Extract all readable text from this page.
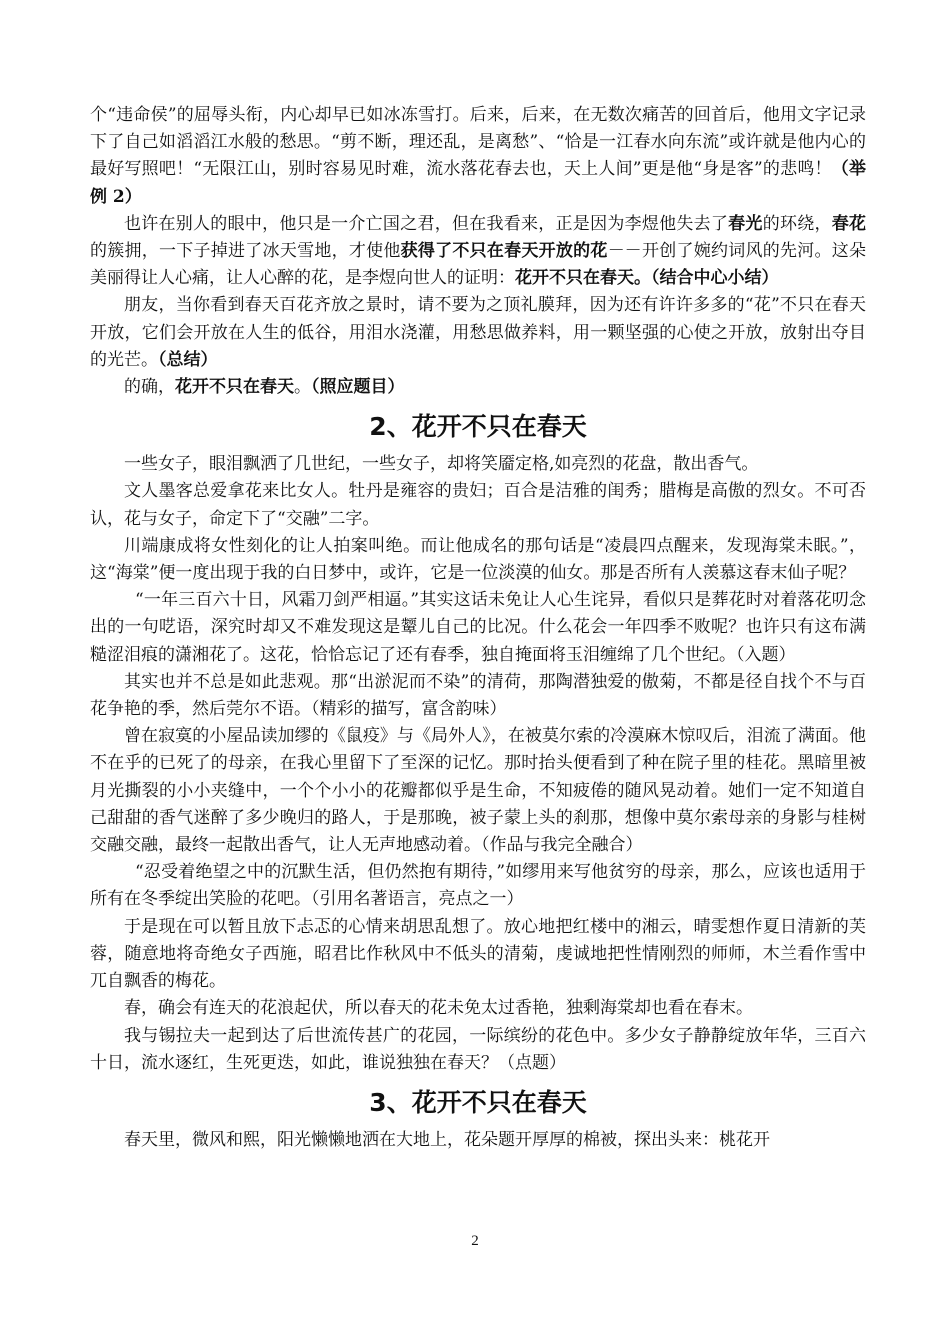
个“违命侯”的屈辱头衔，内心却早已如冰冻雪打。后来，后来，在无数次痛苦的回首后，他用文字记录下了自己如滔滔江水般的愁思。“剪不断，理还乱，是离愁”、“恰是一江春水向东流”或许就是他内心的最好写照吧！“无限江山，别时容易见时难，流水落花春去也，天上人间”更是他“身是客”的悲鸣！（举例 2）

也许在别人的眼中，他只是一介亡国之君，但在我看来，正是因为李煜他失去了春光的环绕，春花的簇拥，一下子掉进了冰天雪地，才使他获得了不只在春天开放的花－－开创了婉约词风的先河。这朵美丽得让人心痛，让人心醉的花，是李煜向世人的证明：花开不只在春天。（结合中心小结）

朋友，当你看到春天百花齐放之景时，请不要为之顶礼膜拜，因为还有许许多多的“花”不只在春天开放，它们会开放在人生的低谷，用泪水浇灌，用愁思做养料，用一颗坚强的心使之开放，放射出夺目的光芒。（总结）

的确，花开不只在春天。（照应题目）

2、花开不只在春天

一些女子，眼泪飘洒了几世纪，一些女子，却将笑靥定格,如亮烈的花盘，散出香气。

文人墨客总爱拿花来比女人。牡丹是雍容的贵妇；百合是洁雅的闺秀；腊梅是高傲的烈女。不可否认，花与女子，命定下了“交融”二字。

川端康成将女性刻化的让人拍案叫绝。而让他成名的那句话是“凌晨四点醒来，发现海棠未眠。”，这“海棠”便一度出现于我的白日梦中，或许，它是一位淡漠的仙女。那是否所有人羡慕这春末仙子呢？

“一年三百六十日，风霜刀剑严相逼。”其实这话未免让人心生诧异，看似只是葬花时对着落花叨念出的一句呓语，深究时却又不难发现这是颦儿自己的比况。什么花会一年四季不败呢？也许只有这布满糙涩泪痕的潇湘花了。这花，恰恰忘记了还有春季，独自掩面将玉泪缠绵了几个世纪。（入题）

其实也并不总是如此悲观。那“出淤泥而不染”的清荷，那陶潜独爱的傲菊，不都是径自找个不与百花争艳的季，然后莞尔不语。（精彩的描写，富含韵味）

曾在寂寞的小屋品读加缪的《鼠疫》与《局外人》，在被莫尔索的冷漠麻木惊叹后，泪流了满面。他不在乎的已死了的母亲，在我心里留下了至深的记忆。那时抬头便看到了种在院子里的桂花。黑暗里被月光撕裂的小小夹缝中，一个个小小的花瓣都似乎是生命，不知疲倦的随风晃动着。她们一定不知道自己甜甜的香气迷醉了多少晚归的路人，于是那晚，被子蒙上头的刹那，想像中莫尔索母亲的身影与桂树交融交融，最终一起散出香气，让人无声地感动着。（作品与我完全融合）

“忍受着绝望之中的沉默生活，但仍然抱有期待，”如缪用来写他贫穷的母亲，那么，应该也适用于所有在冬季绽出笑脸的花吧。（引用名著语言，亮点之一）

于是现在可以暂且放下忐忑的心情来胡思乱想了。放心地把红楼中的湘云，晴雯想作夏日清新的芙蓉，随意地将奇绝女子西施，昭君比作秋风中不低头的清菊，虔诚地把性情刚烈的师师，木兰看作雪中兀自飘香的梅花。

春，确会有连天的花浪起伏，所以春天的花未免太过香艳，独剩海棠却也看在春末。

我与锡拉夫一起到达了后世流传甚广的花园，一际缤纷的花色中。多少女子静静绽放年华，三百六十日，流水逐红，生死更迭，如此，谁说独独在春天？（点题）

3、花开不只在春天

春天里，微风和熙，阳光懒懒地洒在大地上，花朵题开厚厚的棉被，探出头来：桃花开

2
